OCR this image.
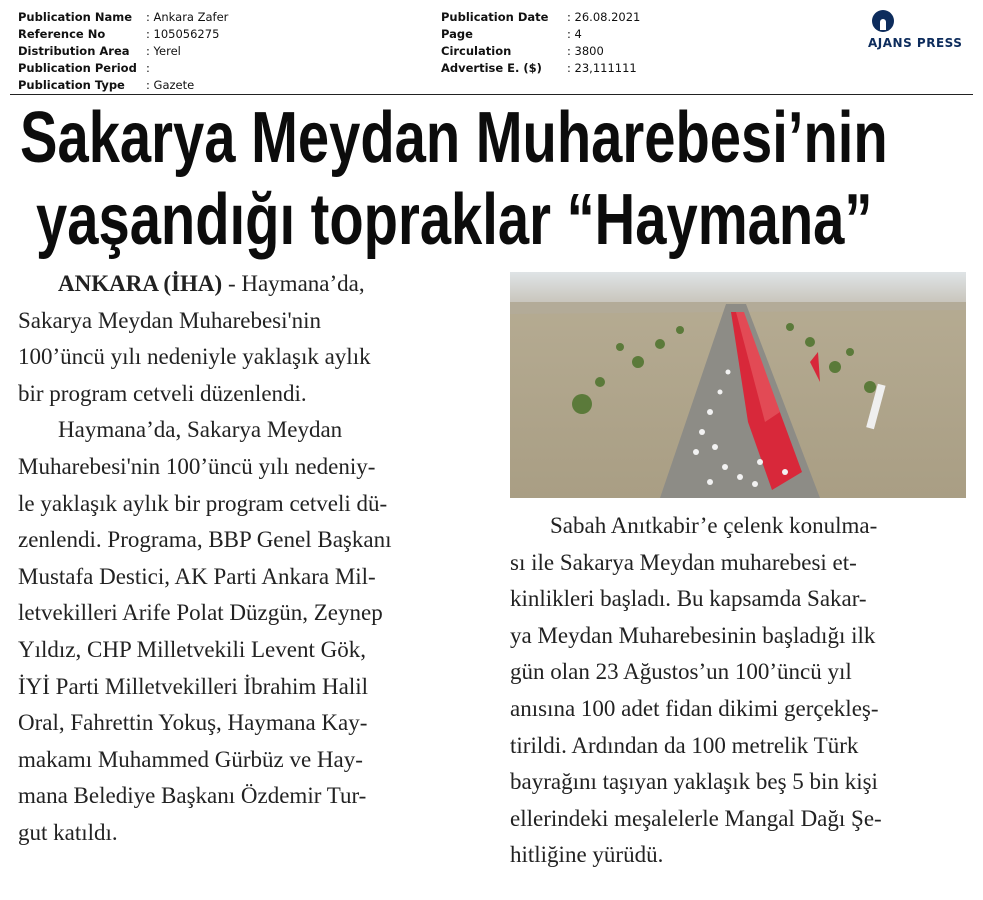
Publication Name	: Ankara Zafer
Reference No	: 105056275
Distribution Area	: Yerel
Publication Period :
Publication Type	: Gazete
Publication Date	: 26.08.2021
Page	: 4
Circulation	: 3800
Advertise E. ($)	: 23,111111
AJANS PRESS
Sakarya Meydan Muharebesi’nin
yaşandığı topraklar “Haymana”
ANKARA (İHA) - Haymana’da,
Sakarya Meydan Muharebesi'nin
100’üncü yılı nedeniyle yaklaşık aylık
bir program cetveli düzenlendi.
Haymana’da, Sakarya Meydan
Muharebesi'nin 100’üncü yılı nedeniy-
le yaklaşık aylık bir program cetveli dü-
zenlendi. Programa, BBP Genel Başkanı
Mustafa Destici, AK Parti Ankara Mil-
letvekilleri Arife Polat Düzgün, Zeynep
Yıldız, CHP Milletvekili Levent Gök,
İYİ Parti Milletvekilleri İbrahim Halil
Oral, Fahrettin Yokuş, Haymana Kay-
makamı Muhammed Gürbüz ve Hay-
mana Belediye Başkanı Özdemir Tur-
gut katıldı.
Sabah Anıtkabir’e çelenk konulma-
sı ile Sakarya Meydan muharebesi et-
kinlikleri başladı. Bu kapsamda Sakar-
ya Meydan Muharebesinin başladığı ilk
gün olan 23 Ağustos’un 100’üncü yıl
anısına 100 adet fidan dikimi gerçekleş-
tirildi. Ardından da 100 metrelik Türk
bayrağını taşıyan yaklaşık beş 5 bin kişi
ellerindeki meşalelerle Mangal Dağı Şe-
hitliğine yürüdü.
